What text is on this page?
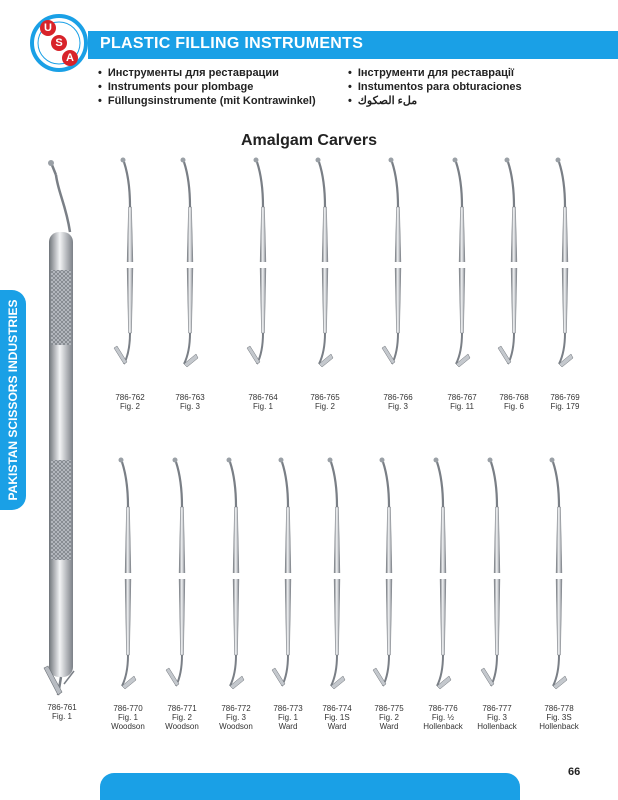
PLASTIC FILLING INSTRUMENTS
U
S
A
• Инструменты для реставрации
• Instruments pour plombage
• Füllungsinstrumente (mit Kontrawinkel)
• Інструменти для реставрації
• Instumentos para obturaciones
• ملء الصكوك
Amalgam Carvers
PAKISTAN SCISSORS INDUSTRIES
786-761
Fig. 1
786-762
Fig. 2
786-763
Fig. 3
786-764
Fig. 1
786-765
Fig. 2
786-766
Fig. 3
786-767
Fig. 11
786-768
Fig. 6
786-769
Fig. 179
786-770
Fig. 1
Woodson
786-771
Fig. 2
Woodson
786-772
Fig. 3
Woodson
786-773
Fig. 1
Ward
786-774
Fig. 1S
Ward
786-775
Fig. 2
Ward
786-776
Fig. ½
Hollenback
786-777
Fig. 3
Hollenback
786-778
Fig. 3S
Hollenback
66
